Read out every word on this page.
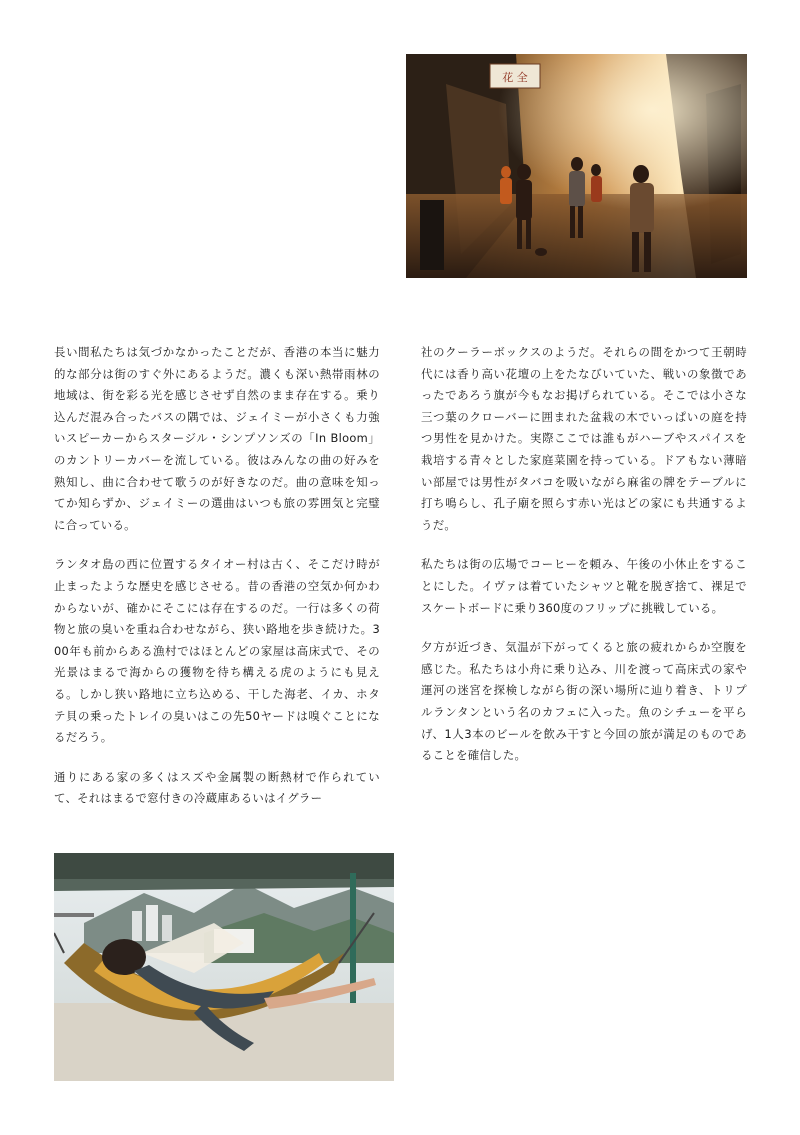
花 全

長い間私たちは気づかなかったことだが、香港の本当に魅力的な部分は街のすぐ外にあるようだ。濃くも深い熱帯雨林の地域は、街を彩る光を感じさせず自然のまま存在する。乗り込んだ混み合ったバスの隅では、ジェイミーが小さくも力強いスピーカーからスタージル・シンプソンズの「In Bloom」のカントリーカバーを流している。彼はみんなの曲の好みを熟知し、曲に合わせて歌うのが好きなのだ。曲の意味を知ってか知らずか、ジェイミーの選曲はいつも旅の雰囲気と完璧に合っている。

ランタオ島の西に位置するタイオー村は古く、そこだけ時が止まったような歴史を感じさせる。昔の香港の空気か何かわからないが、確かにそこには存在するのだ。一行は多くの荷物と旅の臭いを重ね合わせながら、狭い路地を歩き続けた。300年も前からある漁村ではほとんどの家屋は高床式で、その光景はまるで海からの獲物を待ち構える虎のようにも見える。しかし狭い路地に立ち込める、干した海老、イカ、ホタテ貝の乗ったトレイの臭いはこの先50ヤードは嗅ぐことになるだろう。

通りにある家の多くはスズや金属製の断熱材で作られていて、それはまるで窓付きの冷蔵庫あるいはイグラー

社のクーラーボックスのようだ。それらの間をかつて王朝時代には香り高い花壇の上をたなびいていた、戦いの象徴であったであろう旗が今もなお掲げられている。そこでは小さな三つ葉のクローバーに囲まれた盆栽の木でいっぱいの庭を持つ男性を見かけた。実際ここでは誰もがハーブやスパイスを栽培する青々とした家庭菜園を持っている。ドアもない薄暗い部屋では男性がタバコを吸いながら麻雀の牌をテーブルに打ち鳴らし、孔子廟を照らす赤い光はどの家にも共通するようだ。

私たちは街の広場でコーヒーを頼み、午後の小休止をすることにした。イヴァは着ていたシャツと靴を脱ぎ捨て、裸足でスケートボードに乗り360度のフリップに挑戦している。

夕方が近づき、気温が下がってくると旅の疲れからか空腹を感じた。私たちは小舟に乗り込み、川を渡って高床式の家や運河の迷宮を探検しながら街の深い場所に辿り着き、トリプルランタンという名のカフェに入った。魚のシチューを平らげ、1人3本のビールを飲み干すと今回の旅が満足のものであることを確信した。
